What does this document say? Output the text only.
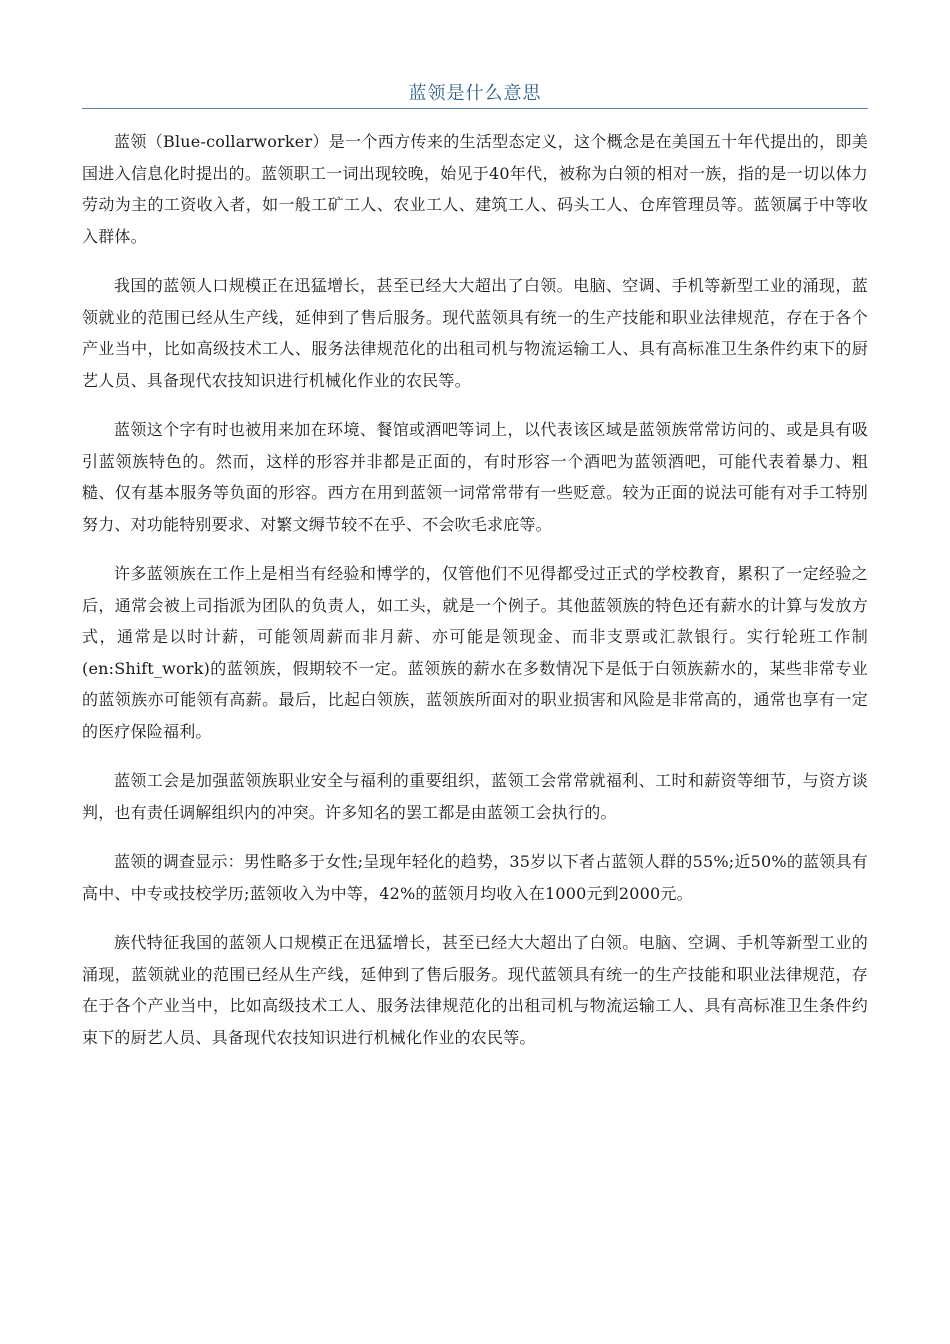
蓝领是什么意思

蓝领（Blue-collarworker）是一个西方传来的生活型态定义，这个概念是在美国五十年代提出的，即美国进入信息化时提出的。蓝领职工一词出现较晚，始见于40年代，被称为白领的相对一族，指的是一切以体力劳动为主的工资收入者，如一般工矿工人、农业工人、建筑工人、码头工人、仓库管理员等。蓝领属于中等收入群体。

我国的蓝领人口规模正在迅猛增长，甚至已经大大超出了白领。电脑、空调、手机等新型工业的涌现，蓝领就业的范围已经从生产线，延伸到了售后服务。现代蓝领具有统一的生产技能和职业法律规范，存在于各个产业当中，比如高级技术工人、服务法律规范化的出租司机与物流运输工人、具有高标准卫生条件约束下的厨艺人员、具备现代农技知识进行机械化作业的农民等。

蓝领这个字有时也被用来加在环境、餐馆或酒吧等词上，以代表该区域是蓝领族常常访问的、或是具有吸引蓝领族特色的。然而，这样的形容并非都是正面的，有时形容一个酒吧为蓝领酒吧，可能代表着暴力、粗糙、仅有基本服务等负面的形容。西方在用到蓝领一词常常带有一些贬意。较为正面的说法可能有对手工特别努力、对功能特别要求、对繁文缛节较不在乎、不会吹毛求庇等。

许多蓝领族在工作上是相当有经验和博学的，仅管他们不见得都受过正式的学校教育，累积了一定经验之后，通常会被上司指派为团队的负责人，如工头，就是一个例子。其他蓝领族的特色还有薪水的计算与发放方式，通常是以时计薪，可能领周薪而非月薪、亦可能是领现金、而非支票或汇款银行。实行轮班工作制(en:Shift_work)的蓝领族，假期较不一定。蓝领族的薪水在多数情况下是低于白领族薪水的，某些非常专业的蓝领族亦可能领有高薪。最后，比起白领族，蓝领族所面对的职业损害和风险是非常高的，通常也享有一定的医疗保险福利。

蓝领工会是加强蓝领族职业安全与福利的重要组织，蓝领工会常常就福利、工时和薪资等细节，与资方谈判，也有责任调解组织内的冲突。许多知名的罢工都是由蓝领工会执行的。

蓝领的调查显示：男性略多于女性;呈现年轻化的趋势，35岁以下者占蓝领人群的55%;近50%的蓝领具有高中、中专或技校学历;蓝领收入为中等，42%的蓝领月均收入在1000元到2000元。

族代特征我国的蓝领人口规模正在迅猛增长，甚至已经大大超出了白领。电脑、空调、手机等新型工业的涌现，蓝领就业的范围已经从生产线，延伸到了售后服务。现代蓝领具有统一的生产技能和职业法律规范，存在于各个产业当中，比如高级技术工人、服务法律规范化的出租司机与物流运输工人、具有高标准卫生条件约束下的厨艺人员、具备现代农技知识进行机械化作业的农民等。
